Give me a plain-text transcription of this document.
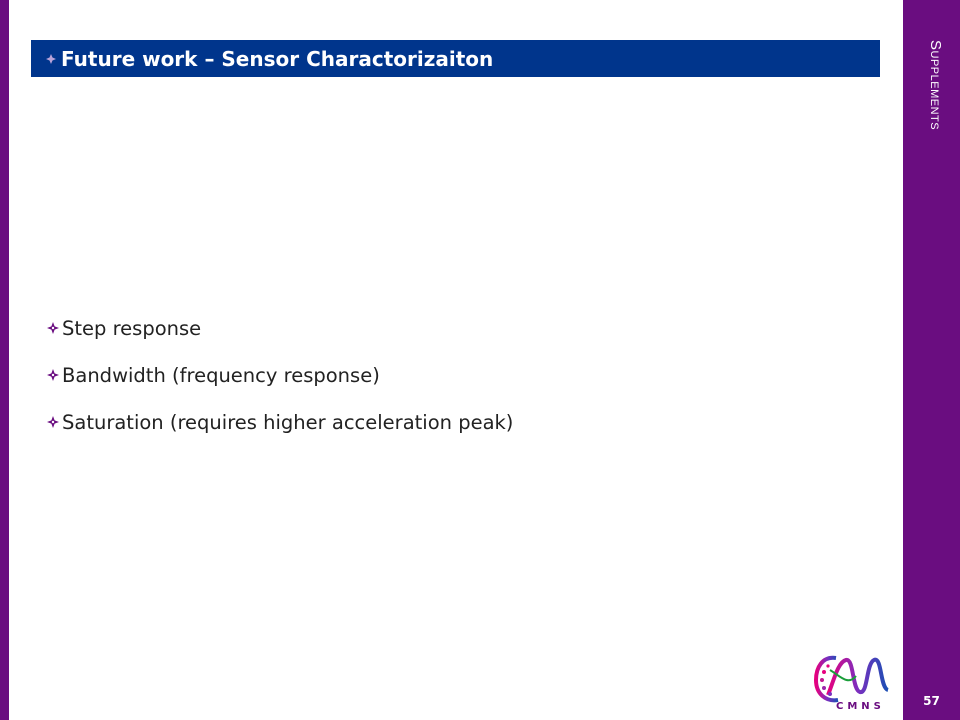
Supplements
Future work – Sensor Charactorizaiton
Step response
Bandwidth (frequency response)
Saturation (requires higher acceleration peak)
CMNS	57
